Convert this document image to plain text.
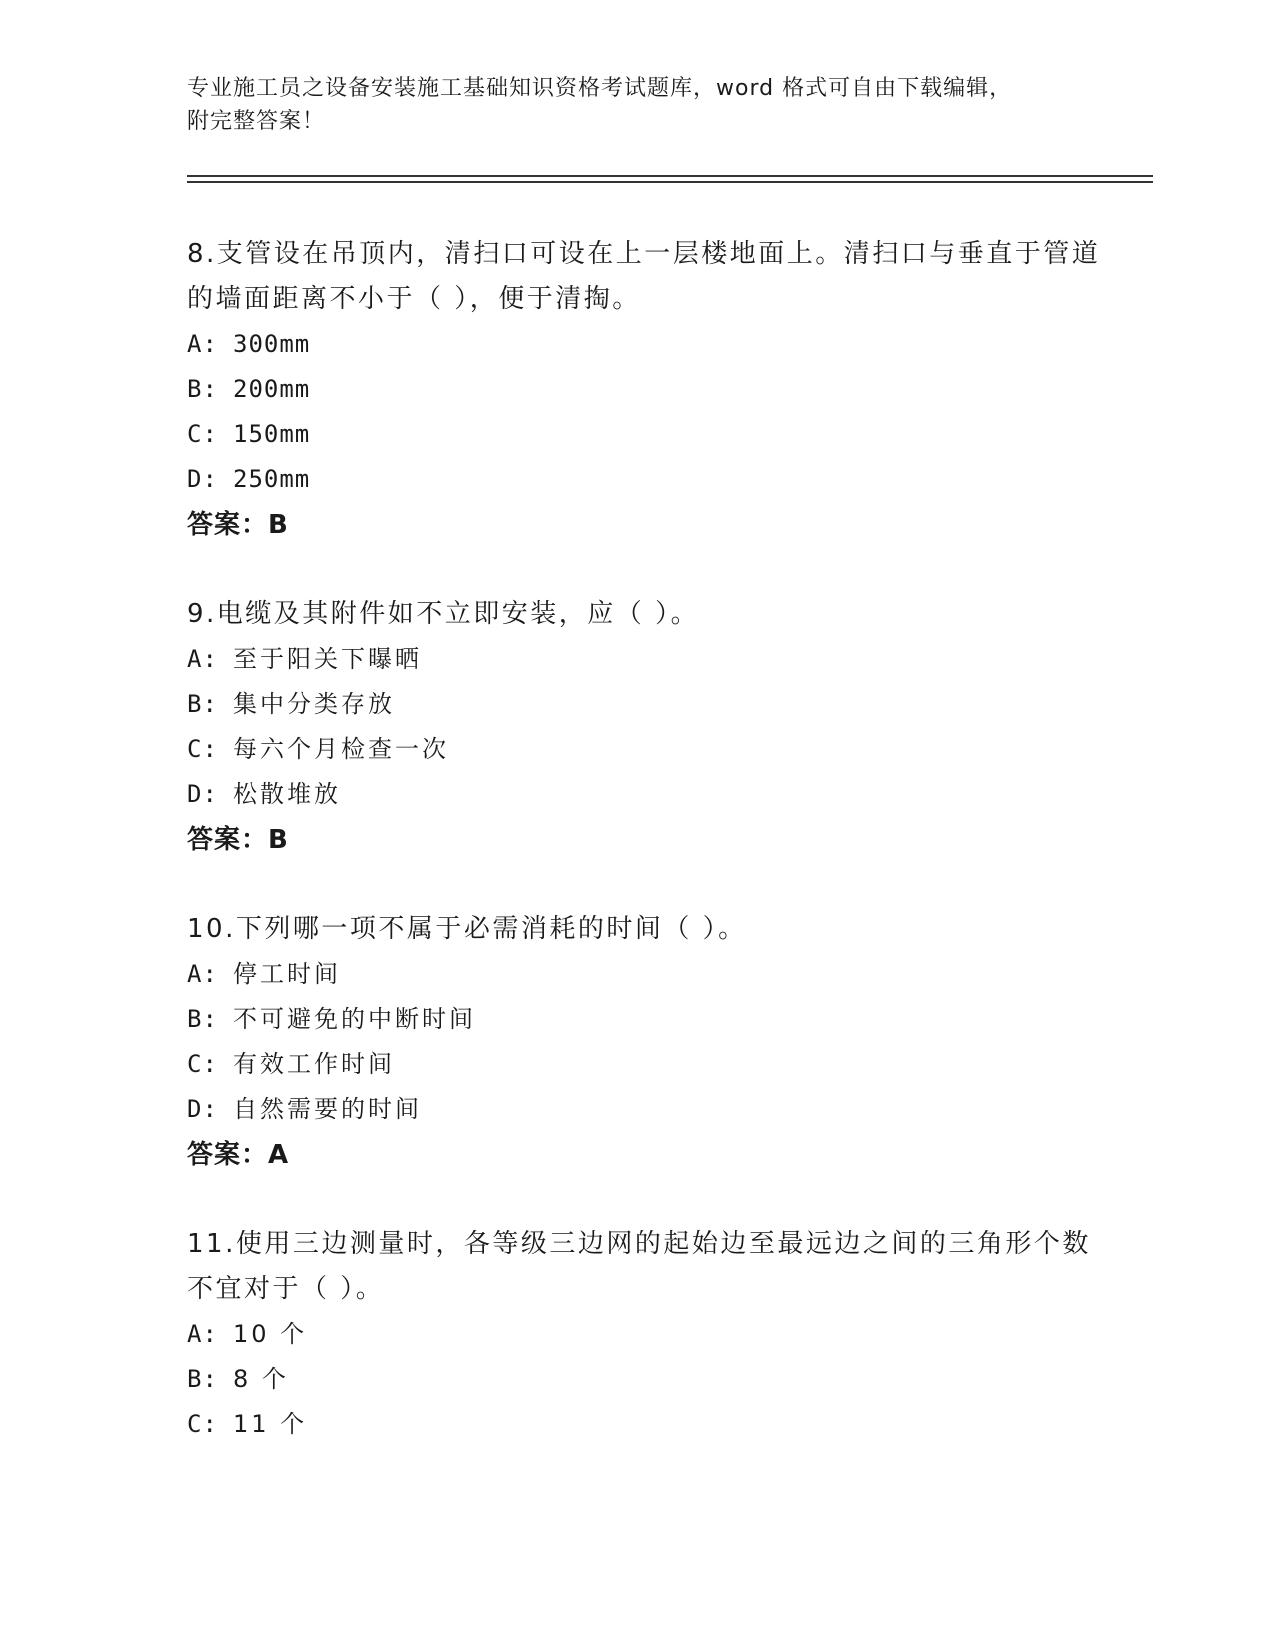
专业施工员之设备安装施工基础知识资格考试题库，word 格式可自由下载编辑，
附完整答案！

8.支管设在吊顶内，清扫口可设在上一层楼地面上。清扫口与垂直于管道的墙面距离不小于（ ），便于清掏。

A: 300mm
B: 200mm
C: 150mm
D: 250mm
答案：B

9.电缆及其附件如不立即安装，应（ ）。

A: 至于阳关下曝晒
B: 集中分类存放
C: 每六个月检查一次
D: 松散堆放
答案：B

10.下列哪一项不属于必需消耗的时间（ ）。

A: 停工时间
B: 不可避免的中断时间
C: 有效工作时间
D: 自然需要的时间
答案：A

11.使用三边测量时，各等级三边网的起始边至最远边之间的三角形个数不宜对于（ ）。

A: 10 个
B: 8 个
C: 11 个
